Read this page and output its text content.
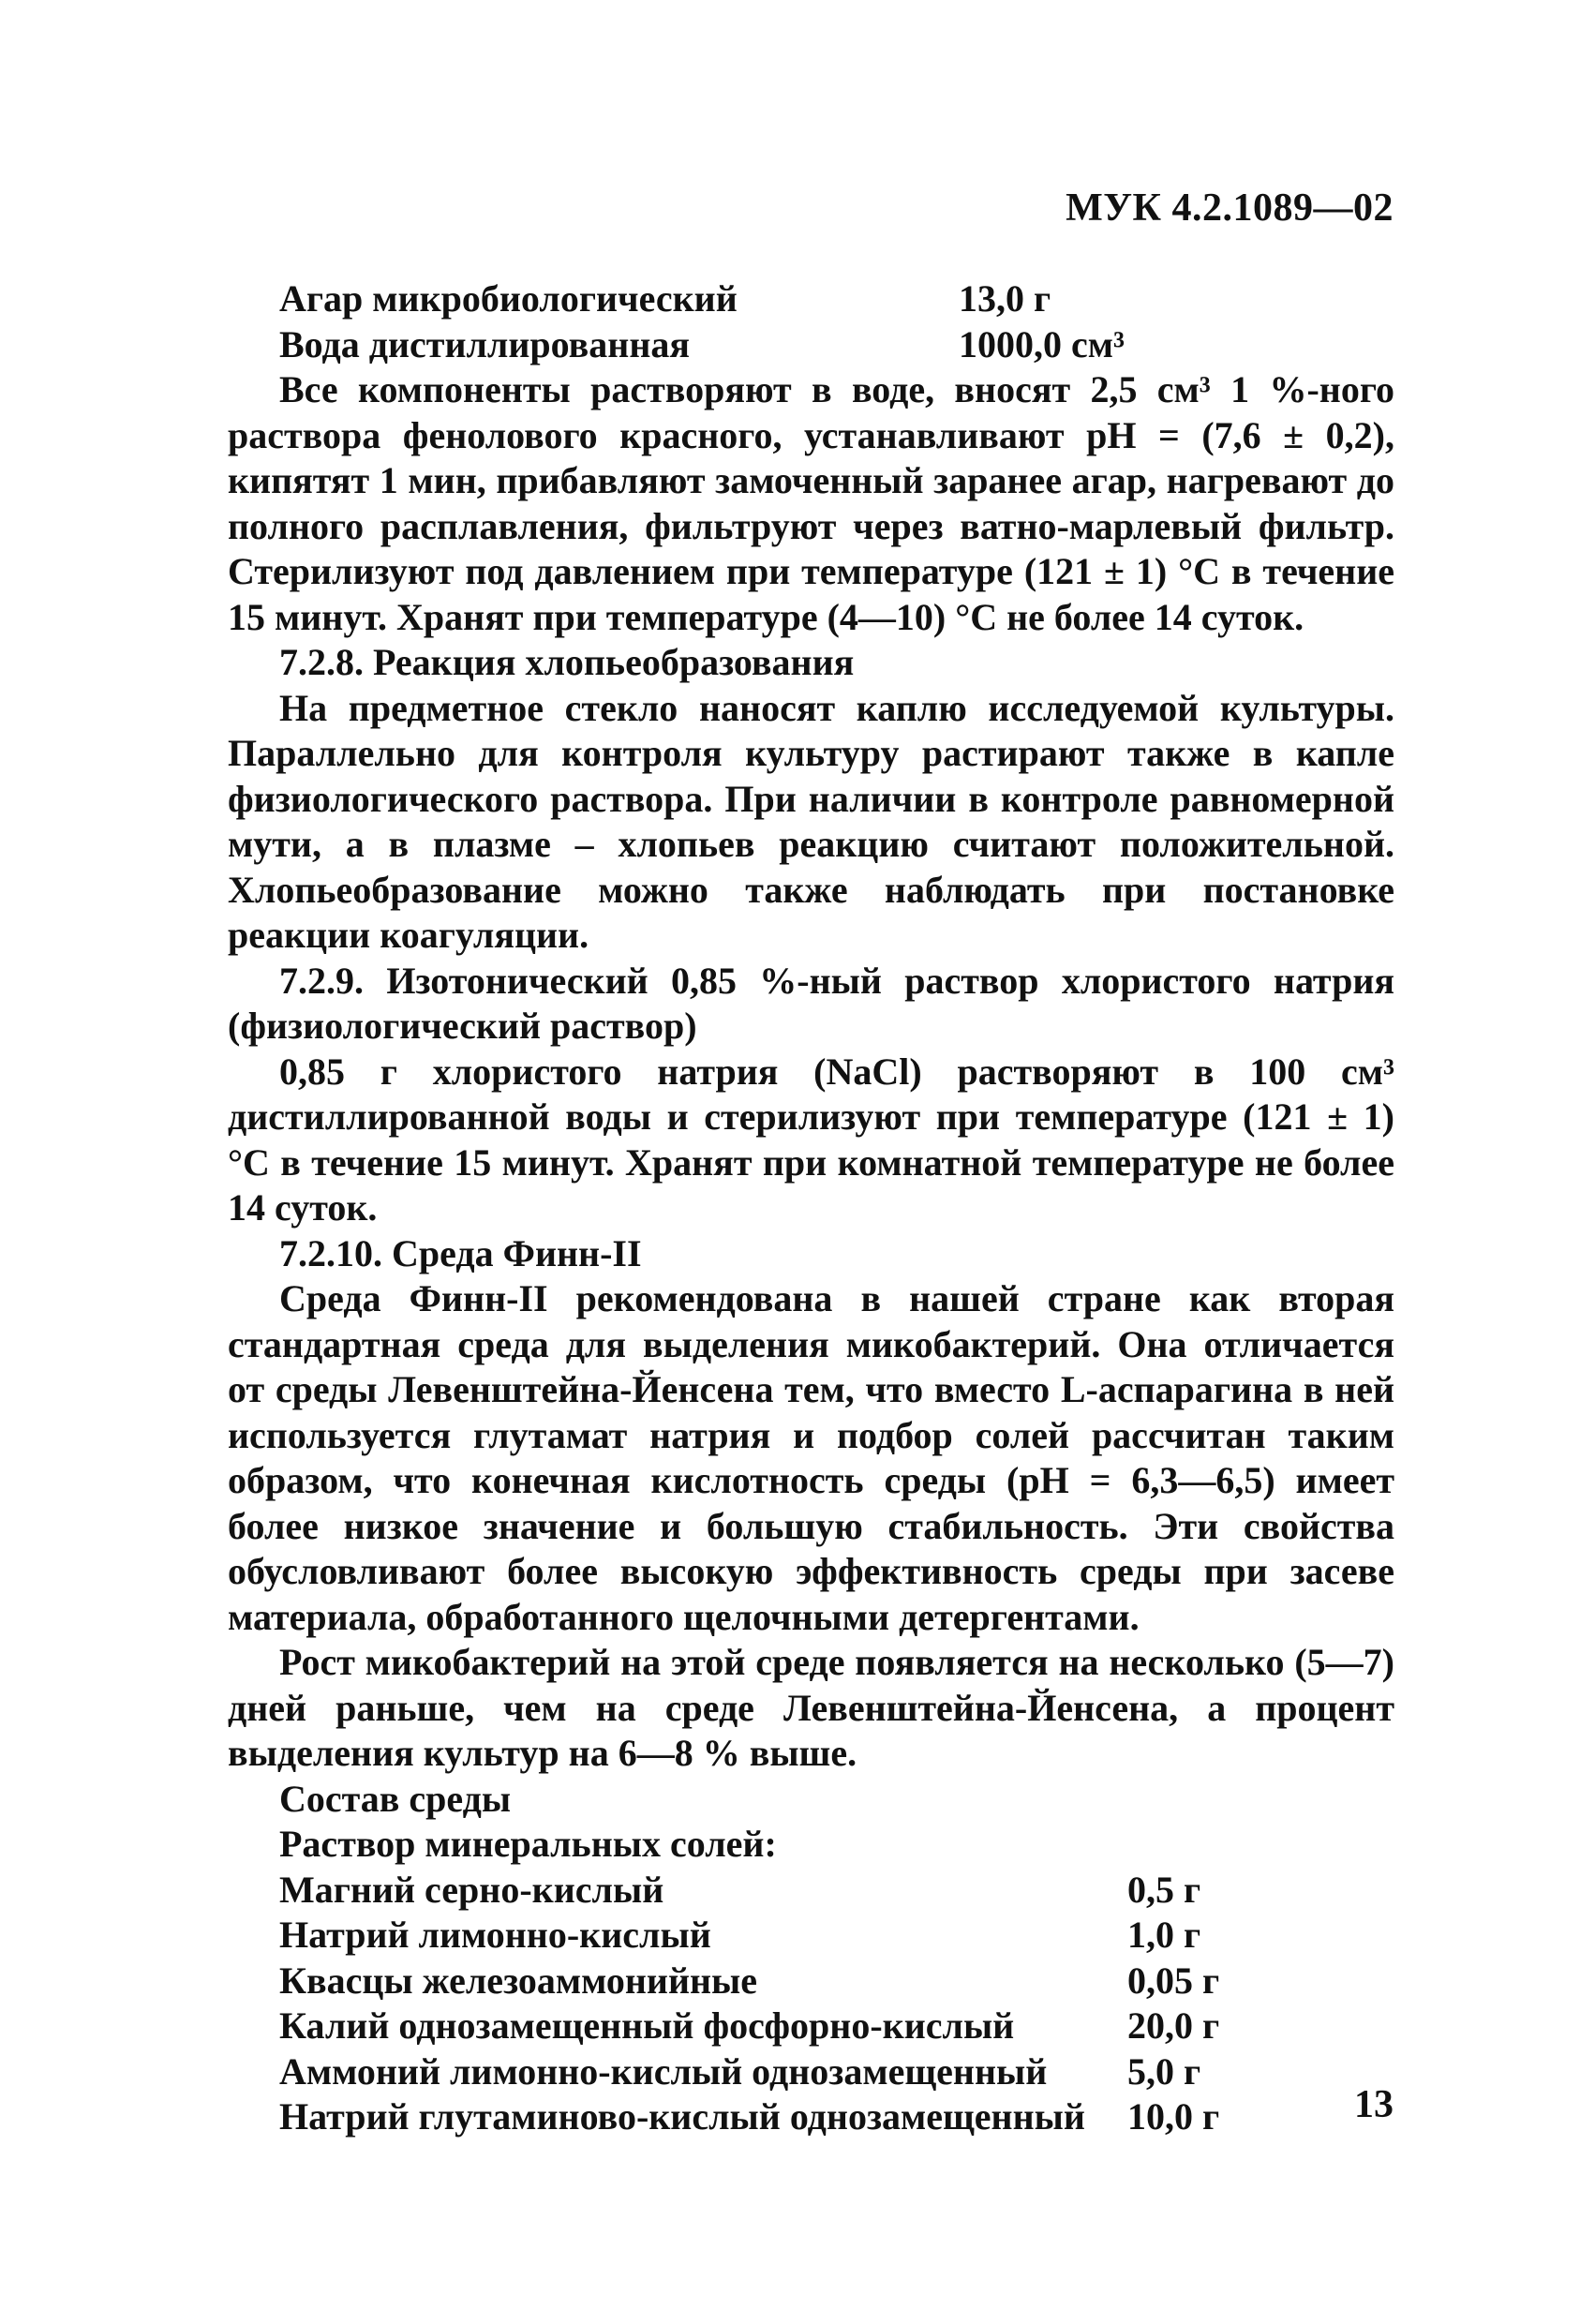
МУК 4.2.1089—02
Агар микробиологический	13,0 г
Вода дистиллированная	1000,0 см³

Все компоненты растворяют в воде, вносят 2,5 см³ 1 %-ного раствора фенолового красного, устанавливают pH = (7,6 ± 0,2), кипятят 1 мин, прибавляют замоченный заранее агар, нагревают до полного расплавления, фильтруют через ватно-марлевый фильтр. Стерилизуют под давлением при температуре (121 ± 1) °C в течение 15 минут. Хранят при температуре (4—10) °C не более 14 суток.

7.2.8. Реакция хлопьеобразования

На предметное стекло наносят каплю исследуемой культуры. Параллельно для контроля культуру растирают также в капле физиологического раствора. При наличии в контроле равномерной мути, а в плазме – хлопьев реакцию считают положительной. Хлопьеобразование можно также наблюдать при постановке реакции коагуляции.

7.2.9. Изотонический 0,85 %-ный раствор хлористого натрия (физиологический раствор)

0,85 г хлористого натрия (NaCl) растворяют в 100 см³ дистиллированной воды и стерилизуют при температуре (121 ± 1) °C в течение 15 минут. Хранят при комнатной температуре не более 14 суток.

7.2.10. Среда Финн-II

Среда Финн-II рекомендована в нашей стране как вторая стандартная среда для выделения микобактерий. Она отличается от среды Левенштейна-Йенсена тем, что вместо L-аспарагина в ней используется глутамат натрия и подбор солей рассчитан таким образом, что конечная кислотность среды (pH = 6,3—6,5) имеет более низкое значение и большую стабильность. Эти свойства обусловливают более высокую эффективность среды при засеве материала, обработанного щелочными детергентами.

Рост микобактерий на этой среде появляется на несколько (5—7) дней раньше, чем на среде Левенштейна-Йенсена, а процент выделения культур на 6—8 % выше.

Состав среды
Раствор минеральных солей:
Магний серно-кислый	0,5 г
Натрий лимонно-кислый	1,0 г
Квасцы железоаммонийные	0,05 г
Калий однозамещенный фосфорно-кислый	20,0 г
Аммоний лимонно-кислый однозамещенный	5,0 г
Натрий глутаминово-кислый однозамещенный	10,0 г	13
